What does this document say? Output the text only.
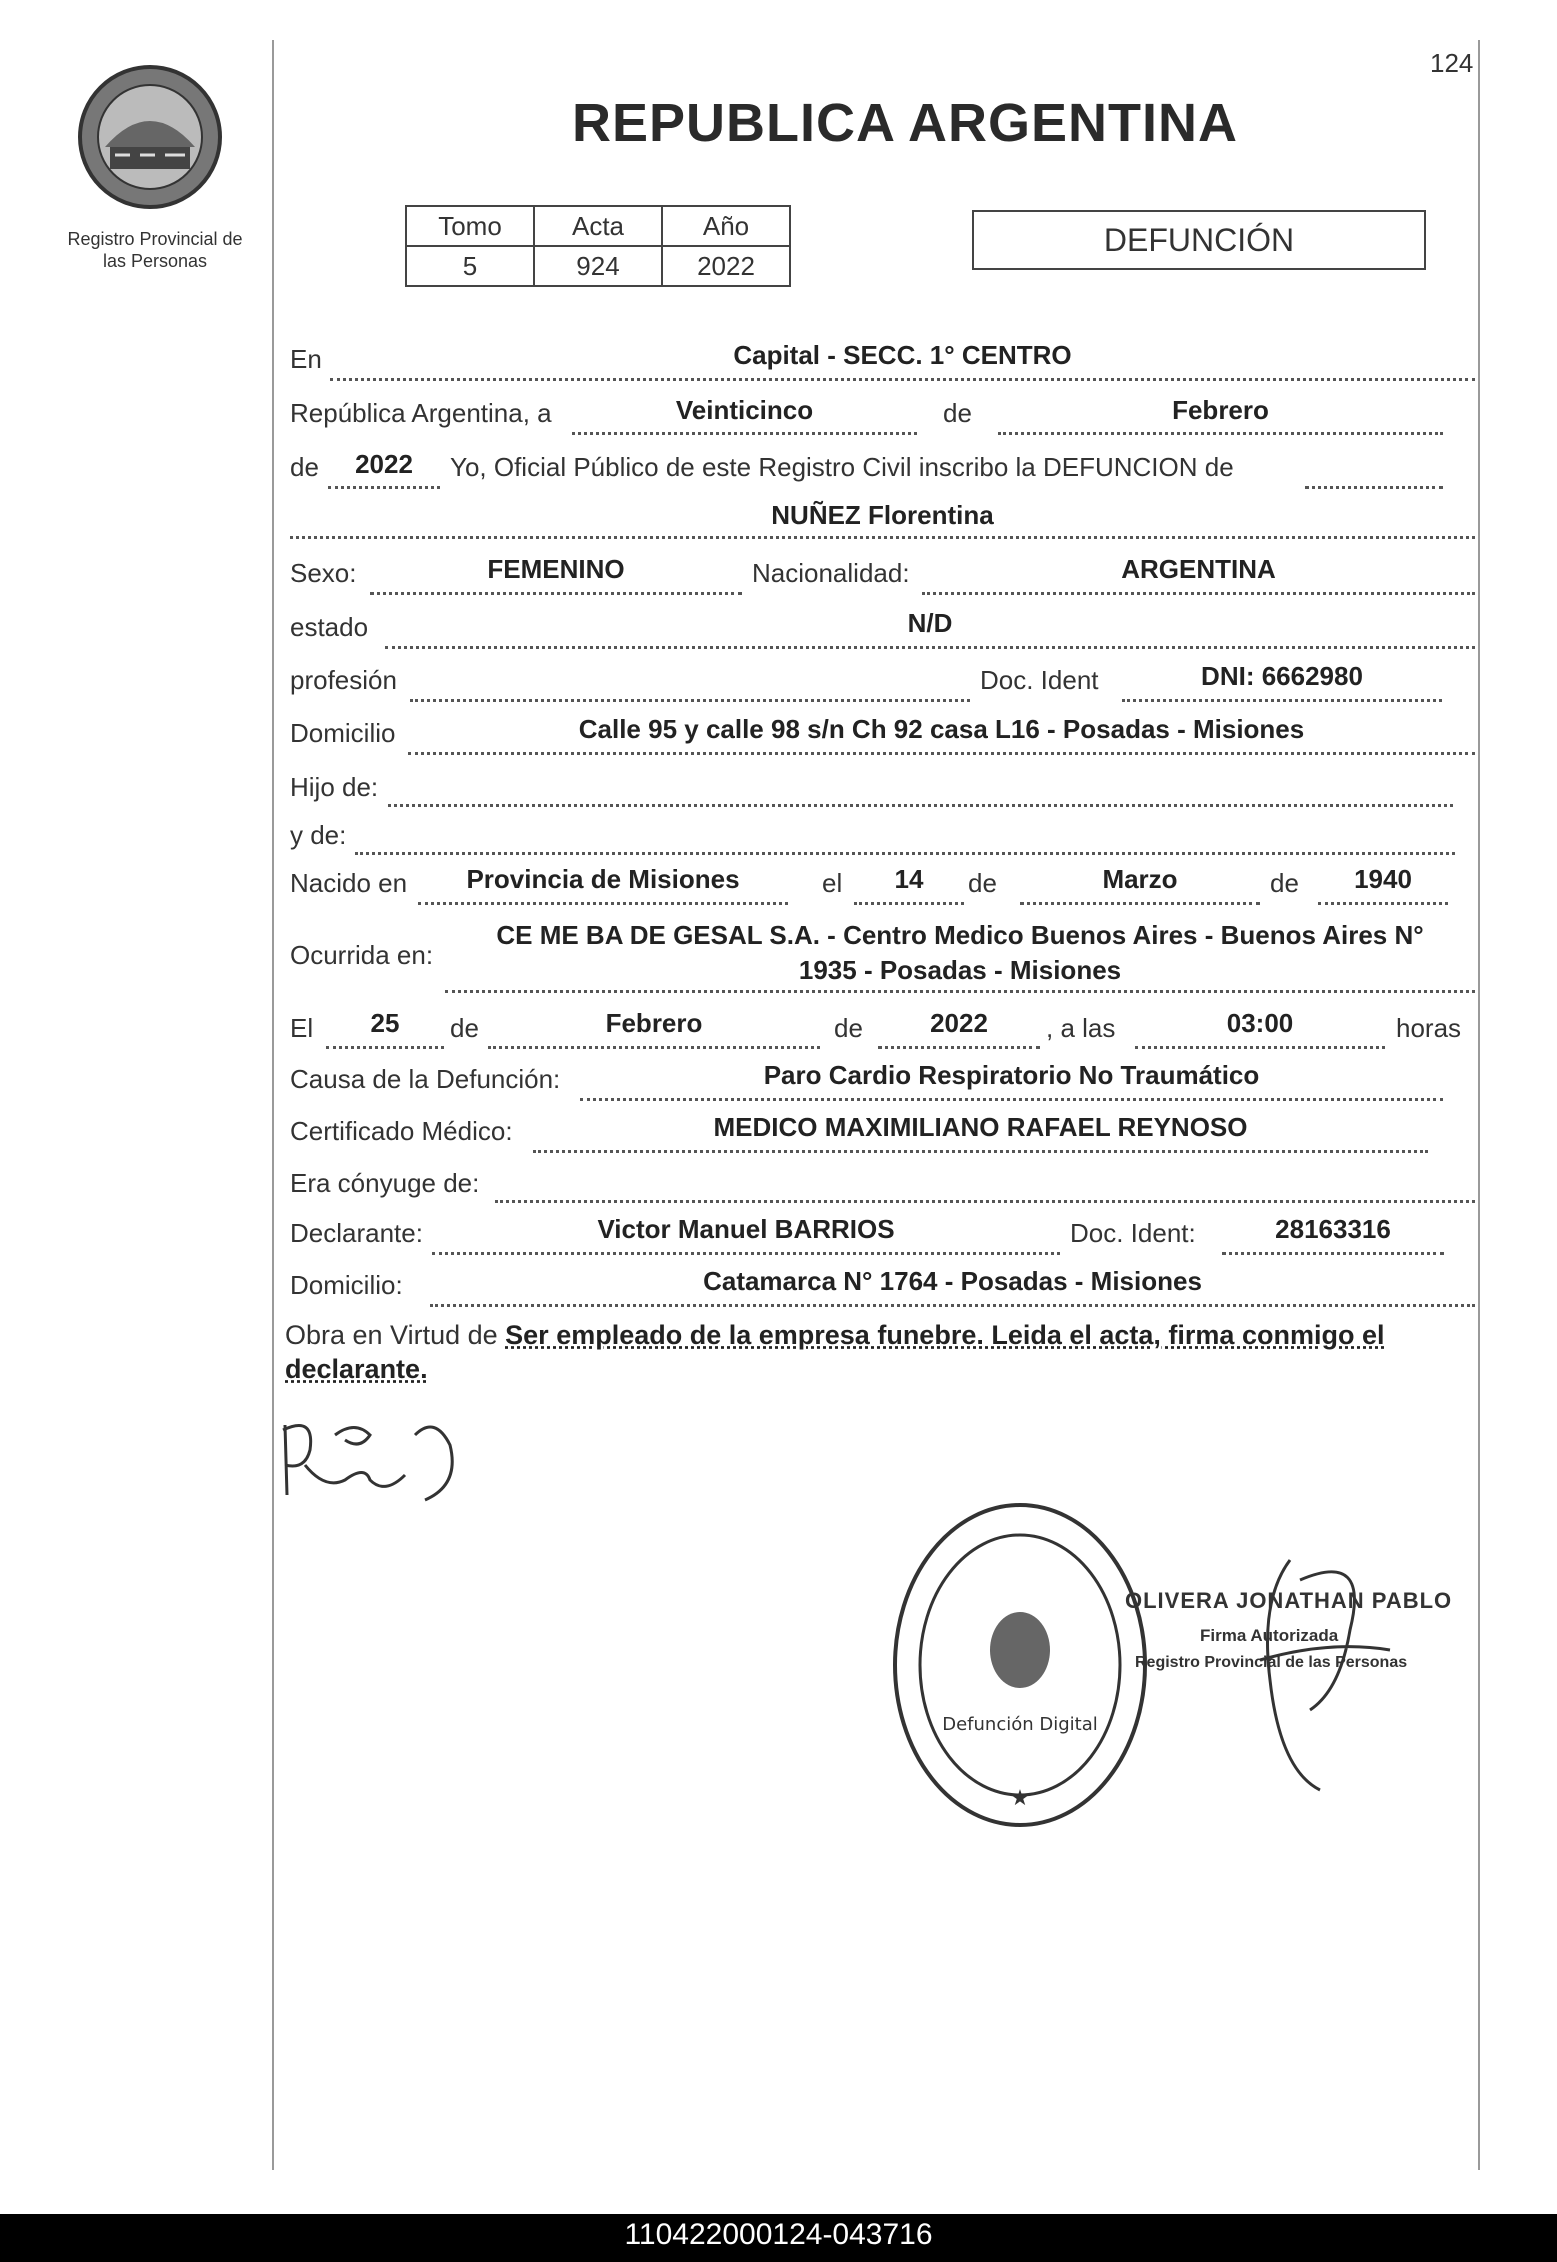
124
Registro Provincial de las Personas
REPUBLICA ARGENTINA
Tomo	Acta	Año
5	924	2022
DEFUNCIÓN
En	Capital - SECC. 1° CENTRO
República Argentina, a	Veinticinco	de	Febrero
de	2022	Yo, Oficial Público de este Registro Civil inscribo la DEFUNCION de
NUÑEZ Florentina
Sexo:	FEMENINO	Nacionalidad:	ARGENTINA
estado	N/D
profesión	Doc. Ident	DNI: 6662980
Domicilio	Calle 95 y calle 98 s/n Ch 92 casa L16 - Posadas - Misiones
Hijo de:
y de:
Nacido en	Provincia de Misiones	el	14	de	Marzo	de	1940
Ocurrida en:
CE ME BA DE GESAL S.A. - Centro Medico Buenos Aires - Buenos Aires N°
1935 - Posadas - Misiones
El	25	de	Febrero	de	2022	, a las	03:00	horas
Causa de la Defunción:	Paro Cardio Respiratorio No Traumático
Certificado Médico:	MEDICO MAXIMILIANO RAFAEL REYNOSO
Era cónyuge de:
Declarante:	Victor Manuel BARRIOS	Doc. Ident:	28163316
Domicilio:	Catamarca N° 1764 - Posadas - Misiones
Obra en Virtud de Ser empleado de la empresa funebre. Leida el acta, firma conmigo el declarante.
Defunción Digital
★
OLIVERA JONATHAN PABLO
Firma Autorizada
Registro Provincial de las Personas
110422000124-043716
